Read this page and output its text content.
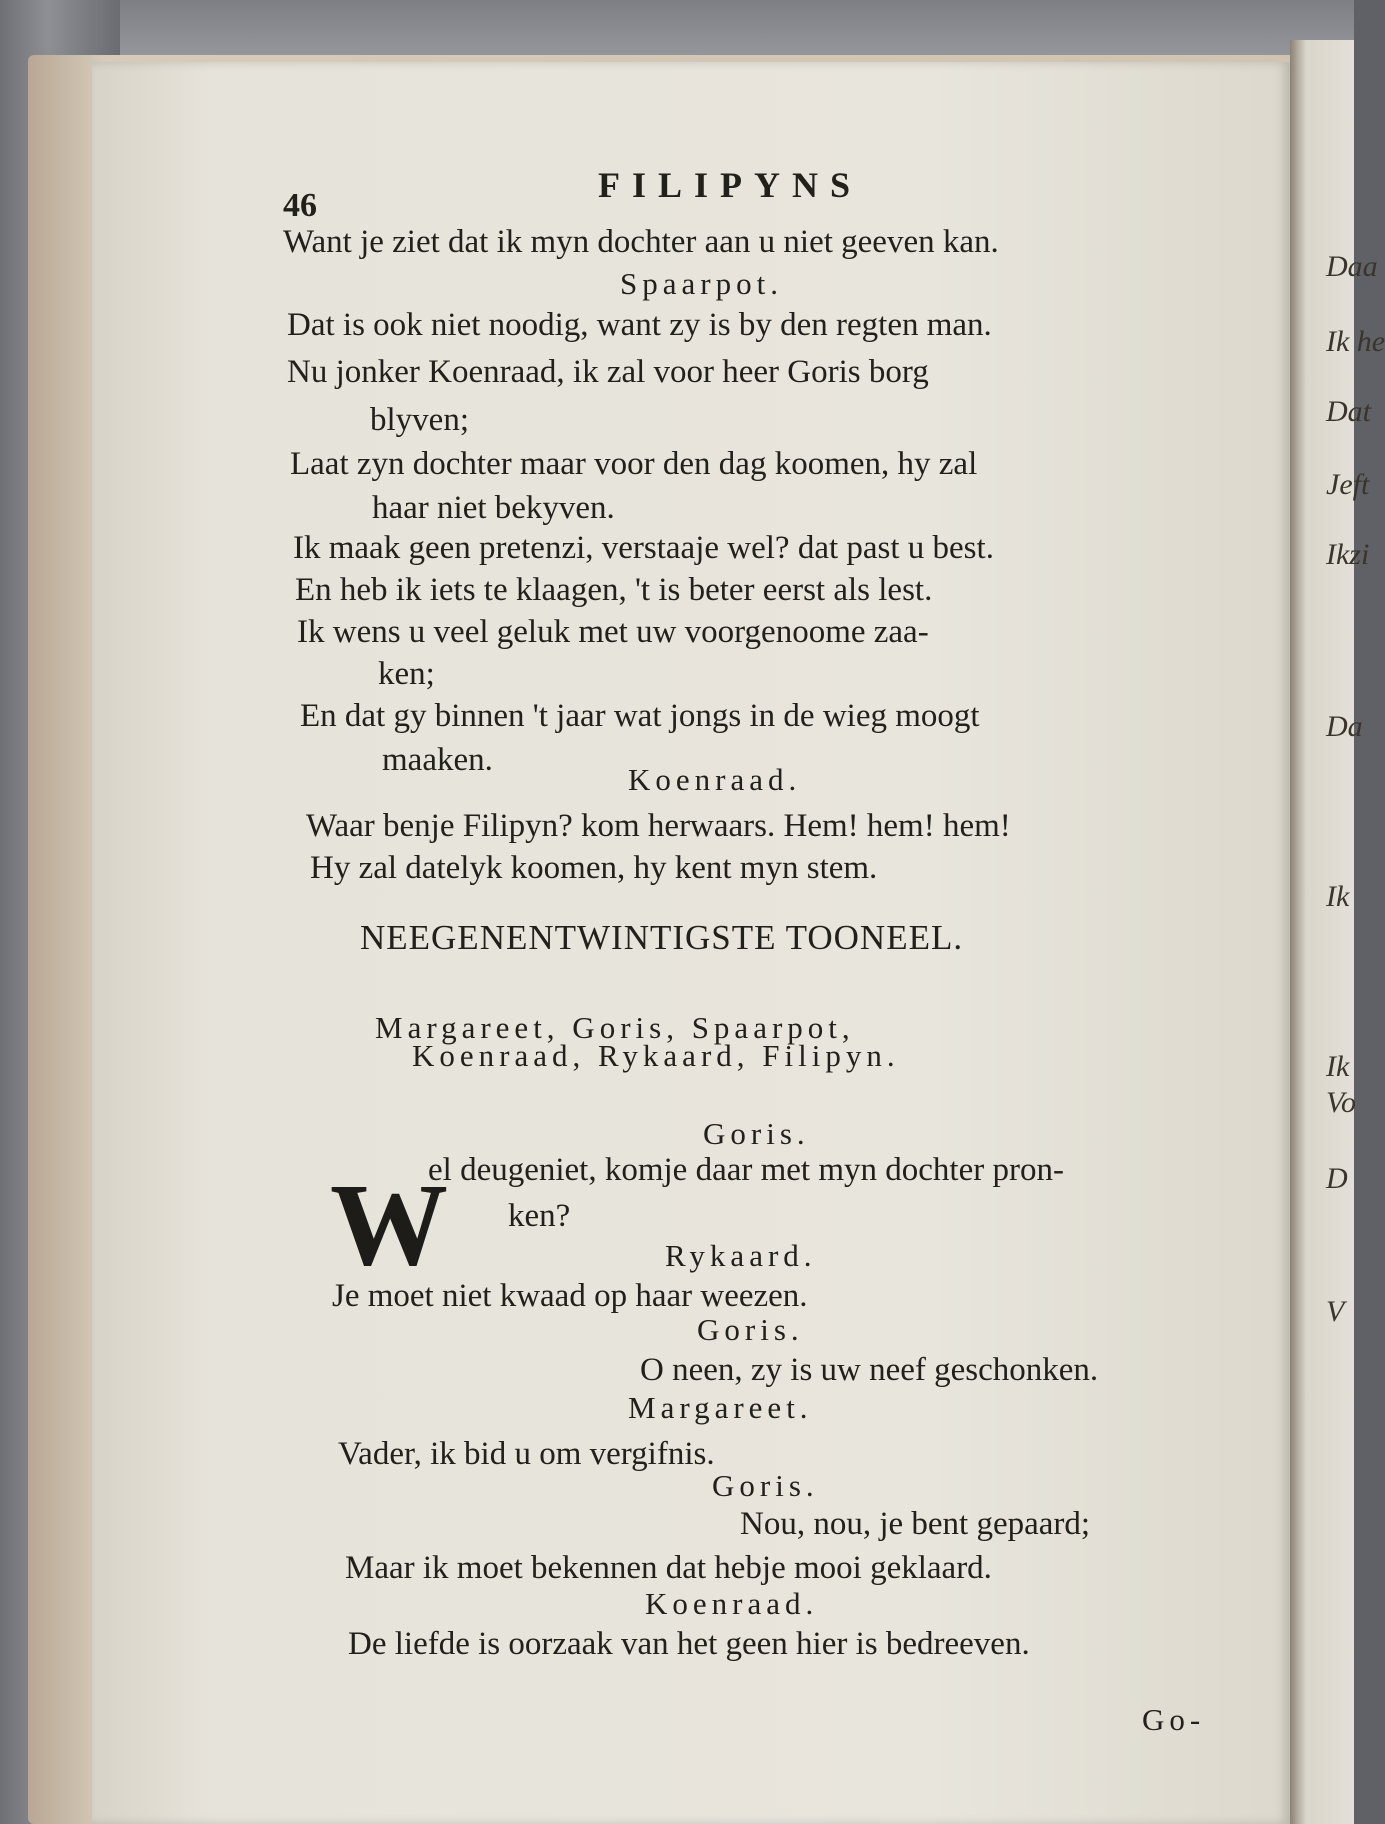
Daa
Ik he
Dat
Jeft
Ikzi
Da
Ik
Ik
Vo
D
V
46
FILIPYNS
Want je ziet dat ik myn dochter aan u niet geeven kan.
Spaarpot.
Dat is ook niet noodig, want zy is by den regten man.
Nu jonker Koenraad, ik zal voor heer Goris borg
blyven;
Laat zyn dochter maar voor den dag koomen, hy zal
haar niet bekyven.
Ik maak geen pretenzi, verstaaje wel? dat past u best.
En heb ik iets te klaagen, 't is beter eerst als lest.
Ik wens u veel geluk met uw voorgenoome zaa-
ken;
En dat gy binnen 't jaar wat jongs in de wieg moogt
maaken.
Koenraad.
Waar benje Filipyn? kom herwaars. Hem! hem! hem!
Hy zal datelyk koomen, hy kent myn stem.
NEEGENENTWINTIGSTE TOONEEL.
Margareet, Goris, Spaarpot,
Koenraad, Rykaard, Filipyn.
Goris.
W
el deugeniet, komje daar met myn dochter pron-
ken?
Rykaard.
Je moet niet kwaad op haar weezen.
Goris.
O neen, zy is uw neef geschonken.
Margareet.
Vader, ik bid u om vergifnis.
Goris.
Nou, nou, je bent gepaard;
Maar ik moet bekennen dat hebje mooi geklaard.
Koenraad.
De liefde is oorzaak van het geen hier is bedreeven.
Go-
